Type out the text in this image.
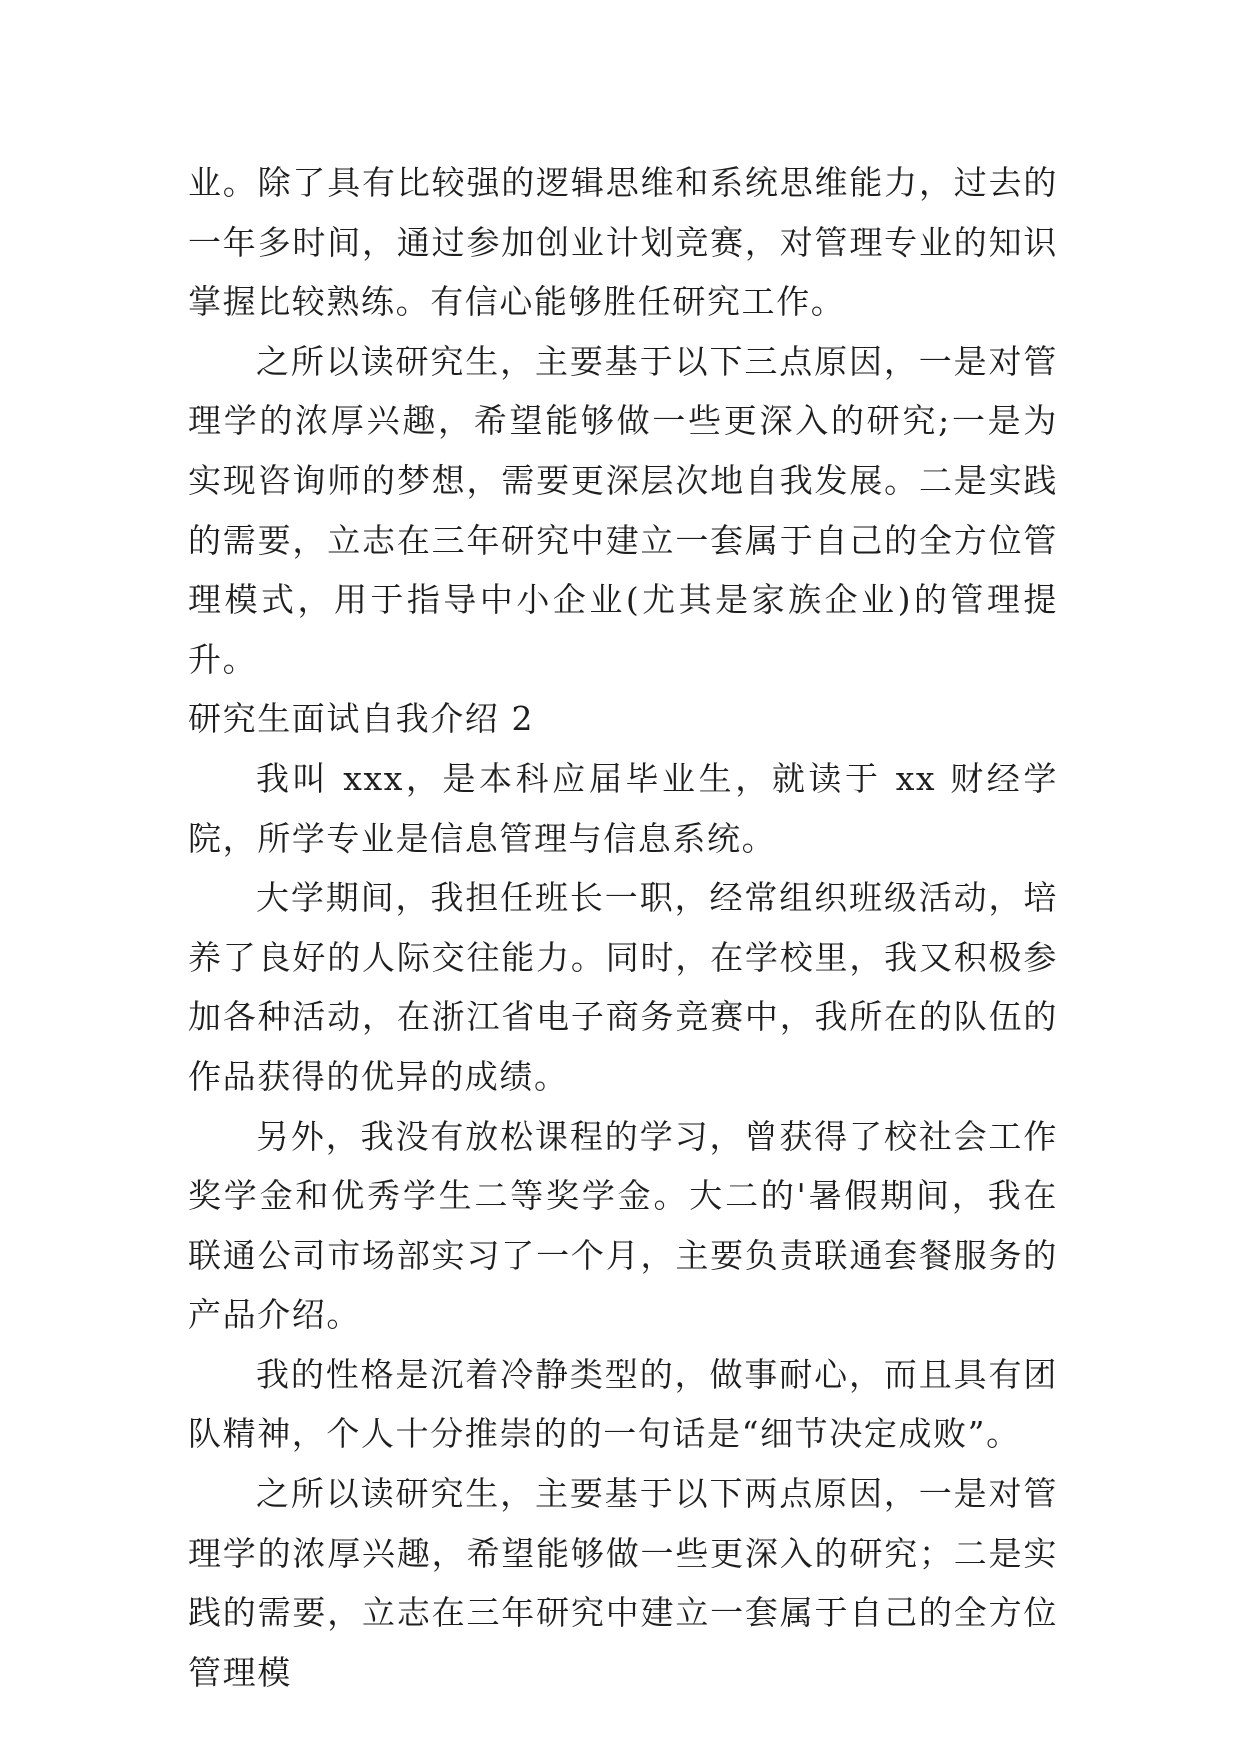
业。除了具有比较强的逻辑思维和系统思维能力，过去的一年多时间，通过参加创业计划竞赛，对管理专业的知识掌握比较熟练。有信心能够胜任研究工作。

之所以读研究生，主要基于以下三点原因，一是对管理学的浓厚兴趣，希望能够做一些更深入的研究;一是为实现咨询师的梦想，需要更深层次地自我发展。二是实践的需要，立志在三年研究中建立一套属于自己的全方位管理模式，用于指导中小企业(尤其是家族企业)的管理提升。

研究生面试自我介绍 2

我叫 xxx，是本科应届毕业生，就读于 xx 财经学院，所学专业是信息管理与信息系统。

大学期间，我担任班长一职，经常组织班级活动，培养了良好的人际交往能力。同时，在学校里，我又积极参加各种活动，在浙江省电子商务竞赛中，我所在的队伍的作品获得的优异的成绩。

另外，我没有放松课程的学习，曾获得了校社会工作奖学金和优秀学生二等奖学金。大二的'暑假期间，我在联通公司市场部实习了一个月，主要负责联通套餐服务的产品介绍。

我的性格是沉着冷静类型的，做事耐心，而且具有团队精神，个人十分推崇的的一句话是“细节决定成败”。

之所以读研究生，主要基于以下两点原因，一是对管理学的浓厚兴趣，希望能够做一些更深入的研究；二是实践的需要，立志在三年研究中建立一套属于自己的全方位管理模
